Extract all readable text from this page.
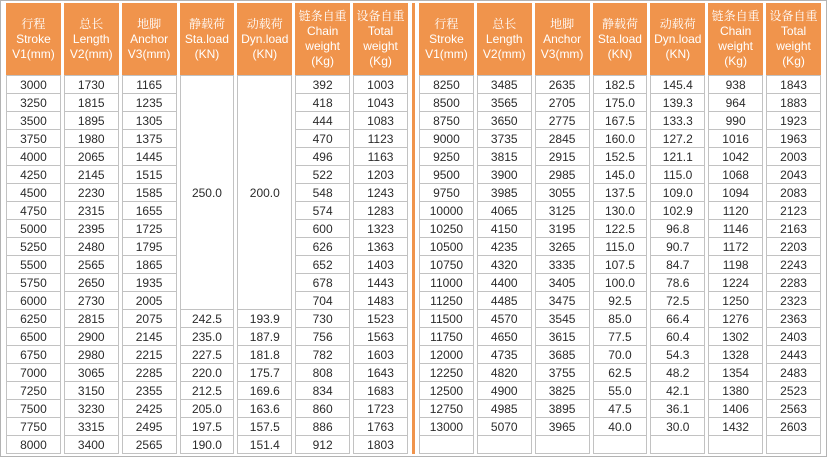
行程
Stroke
V1(mm)

总长
Length
V2(mm)

地脚
Anchor
V3(mm)

静载荷
Sta.load
(KN)

动载荷
Dyn.load
(KN)

链条自重
Chain
weight
(Kg)

设备自重
Total
weight
(Kg)

3000	1730	1165	250.0	200.0	392	1003
3250	1815	1235			418	1043
3500	1895	1305			444	1083
3750	1980	1375			470	1123
4000	2065	1445			496	1163
4250	2145	1515			522	1203
4500	2230	1585			548	1243
4750	2315	1655			574	1283
5000	2395	1725			600	1323
5250	2480	1795			626	1363
5500	2565	1865			652	1403
5750	2650	1935			678	1443
6000	2730	2005			704	1483
6250	2815	2075	242.5	193.9	730	1523
6500	2900	2145	235.0	187.9	756	1563
6750	2980	2215	227.5	181.8	782	1603
7000	3065	2285	220.0	175.7	808	1643
7250	3150	2355	212.5	169.6	834	1683
7500	3230	2425	205.0	163.6	860	1723
7750	3315	2495	197.5	157.5	886	1763
8000	3400	2565	190.0	151.4	912	1803
行程
Stroke
V1(mm)

总长
Length
V2(mm)

地脚
Anchor
V3(mm)

静载荷
Sta.load
(KN)

动载荷
Dyn.load
(KN)

链条自重
Chain
weight
(Kg)

设备自重
Total
weight
(Kg)

8250	3485	2635	182.5	145.4	938	1843
8500	3565	2705	175.0	139.3	964	1883
8750	3650	2775	167.5	133.3	990	1923
9000	3735	2845	160.0	127.2	1016	1963
9250	3815	2915	152.5	121.1	1042	2003
9500	3900	2985	145.0	115.0	1068	2043
9750	3985	3055	137.5	109.0	1094	2083
10000	4065	3125	130.0	102.9	1120	2123
10250	4150	3195	122.5	96.8	1146	2163
10500	4235	3265	115.0	90.7	1172	2203
10750	4320	3335	107.5	84.7	1198	2243
11000	4400	3405	100.0	78.6	1224	2283
11250	4485	3475	92.5	72.5	1250	2323
11500	4570	3545	85.0	66.4	1276	2363
11750	4650	3615	77.5	60.4	1302	2403
12000	4735	3685	70.0	54.3	1328	2443
12250	4820	3755	62.5	48.2	1354	2483
12500	4900	3825	55.0	42.1	1380	2523
12750	4985	3895	47.5	36.1	1406	2563
13000	5070	3965	40.0	30.0	1432	2603
